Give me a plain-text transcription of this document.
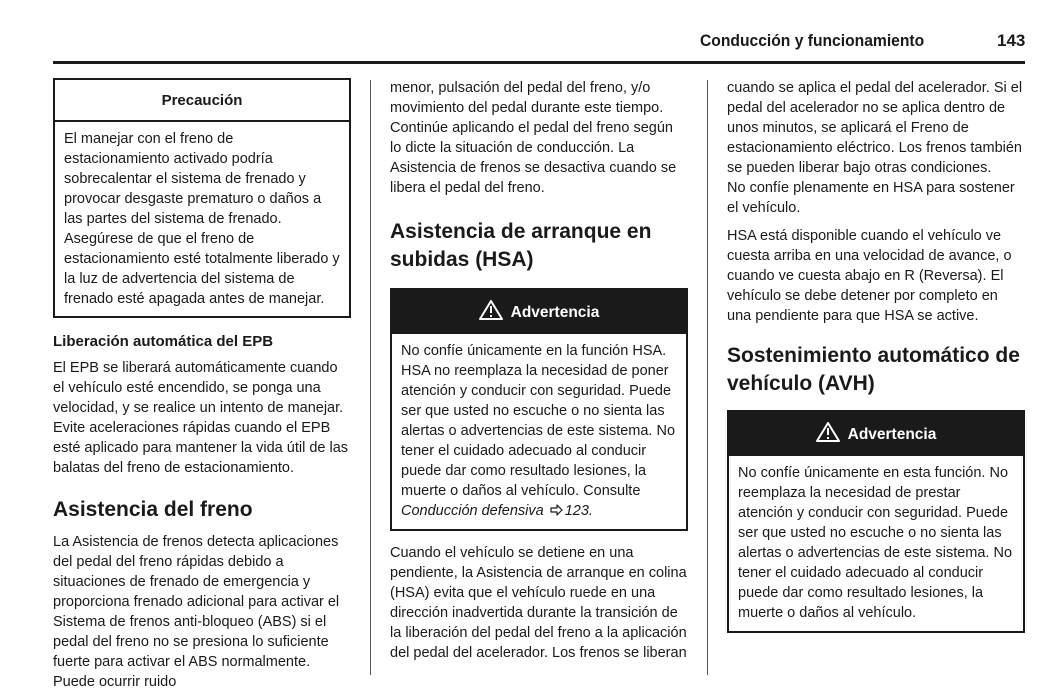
Conducción y funcionamiento	143
Precaución
El manejar con el freno de estacionamiento activado podría sobrecalentar el sistema de frenado y provocar desgaste prematuro o daños a las partes del sistema de frenado. Asegúrese de que el freno de estacionamiento esté totalmente liberado y la luz de advertencia del sistema de frenado esté apagada antes de manejar.
Liberación automática del EPB

El EPB se liberará automáticamente cuando el vehículo esté encendido, se ponga una velocidad, y se realice un intento de manejar. Evite aceleraciones rápidas cuando el EPB esté aplicado para mantener la vida útil de las balatas del freno de estacionamiento.

Asistencia del freno

La Asistencia de frenos detecta aplicaciones del pedal del freno rápidas debido a situaciones de frenado de emergencia y proporciona frenado adicional para activar el Sistema de frenos anti-bloqueo (ABS) si el pedal del freno no se presiona lo suficiente fuerte para activar el ABS normalmente. Puede ocurrir ruido

menor, pulsación del pedal del freno, y/o movimiento del pedal durante este tiempo. Continúe aplicando el pedal del freno según lo dicte la situación de conducción. La Asistencia de frenos se desactiva cuando se libera el pedal del freno.

Asistencia de arranque en subidas (HSA)
Advertencia
No confíe únicamente en la función HSA. HSA no reemplaza la necesidad de poner atención y conducir con seguridad. Puede ser que usted no escuche o no sienta las alertas o advertencias de este sistema. No tener el cuidado adecuado al conducir puede dar como resultado lesiones, la muerte o daños al vehículo. Consulte
Conducción defensiva 123.

Cuando el vehículo se detiene en una pendiente, la Asistencia de arranque en colina (HSA) evita que el vehículo ruede en una dirección inadvertida durante la transición de la liberación del pedal del freno a la aplicación del pedal del acelerador. Los frenos se liberan

cuando se aplica el pedal del acelerador. Si el pedal del acelerador no se aplica dentro de unos minutos, se aplicará el Freno de estacionamiento eléctrico. Los frenos también se pueden liberar bajo otras condiciones.

No confíe plenamente en HSA para sostener el vehículo.

HSA está disponible cuando el vehículo ve cuesta arriba en una velocidad de avance, o cuando ve cuesta abajo en R (Reversa). El vehículo se debe detener por completo en una pendiente para que HSA se active.

Sostenimiento automático de vehículo (AVH)
Advertencia
No confíe únicamente en esta función. No reemplaza la necesidad de prestar atención y conducir con seguridad. Puede ser que usted no escuche o no sienta las alertas o advertencias de este sistema. No tener el cuidado adecuado al conducir puede dar como resultado lesiones, la muerte o daños al vehículo.
